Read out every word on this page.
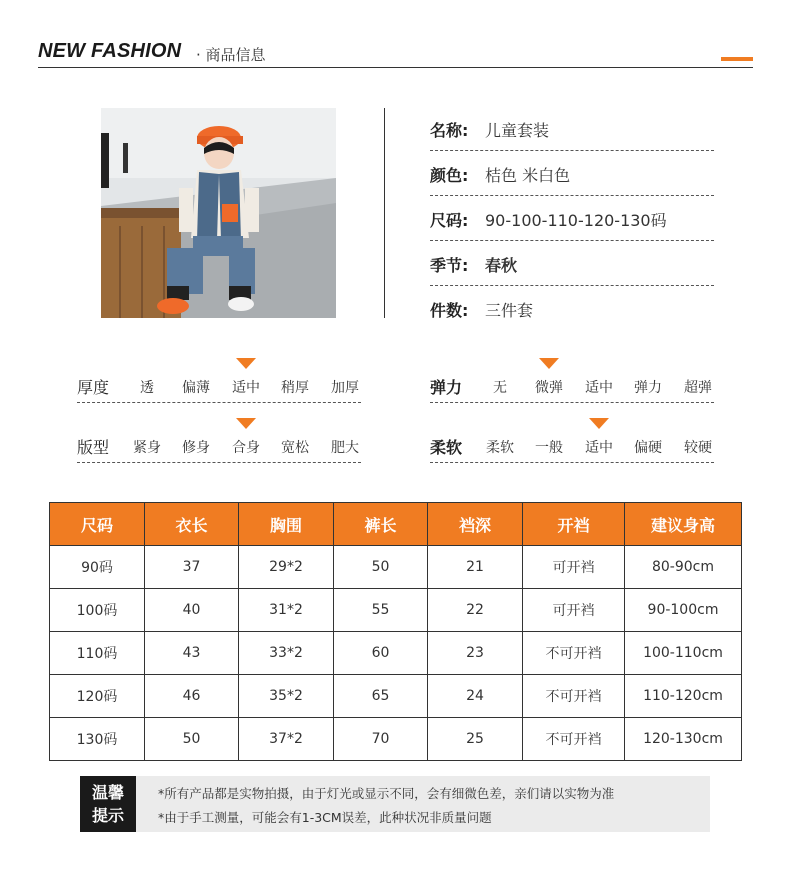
NEW FASHION · 商品信息
名称: 儿童套装
颜色: 桔色 米白色
尺码: 90-100-110-120-130码
季节: 春秋
件数: 三件套
厚度	透	偏薄	适中	稍厚	加厚
版型	紧身	修身	合身	宽松	肥大
弹力	无	微弹	适中	弹力	超弹
柔软	柔软	一般	适中	偏硬	较硬
尺码	衣长	胸围	裤长	裆深	开裆	建议身高
90码	37	29*2	50	21	可开裆	80-90cm
100码	40	31*2	55	22	可开裆	90-100cm
110码	43	33*2	60	23	不可开裆	100-110cm
120码	46	35*2	65	24	不可开裆	110-120cm
130码	50	37*2	70	25	不可开裆	120-130cm
温馨
提示
*所有产品都是实物拍摄，由于灯光或显示不同，会有细微色差，亲们请以实物为准
*由于手工测量，可能会有1-3CM误差，此种状况非质量问题
